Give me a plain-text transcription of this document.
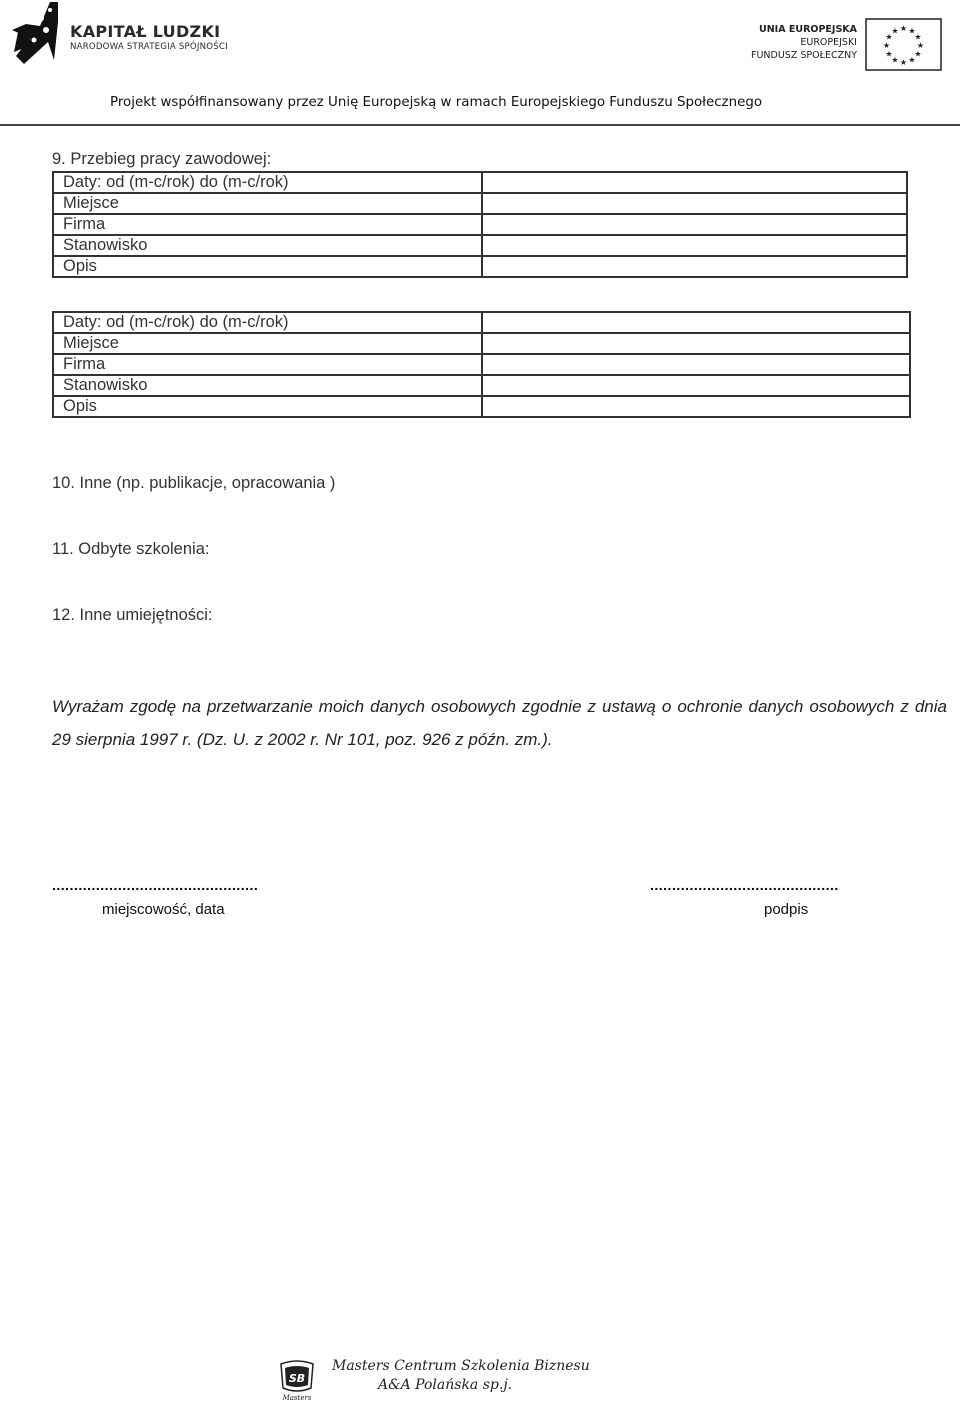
KAPITAŁ LUDZKI
NARODOWA STRATEGIA SPÓJNOŚCI
UNIA EUROPEJSKA
EUROPEJSKI
FUNDUSZ SPOŁECZNY
★ ★
★
★
★
★
★
★
★
★
★
★
Projekt współfinansowany przez Unię Europejską w ramach Europejskiego Funduszu Społecznego
9. Przebieg pracy zawodowej:
Daty: od (m-c/rok) do (m-c/rok)	
Miejsce	
Firma	
Stanowisko	
Opis	
Daty: od (m-c/rok) do (m-c/rok)	
Miejsce	
Firma	
Stanowisko	
Opis	
10. Inne (np. publikacje, opracowania )
11. Odbyte szkolenia:
12. Inne umiejętności:
Wyrażam zgodę na przetwarzanie moich danych osobowych zgodnie z ustawą o ochronie danych osobowych z dnia 29 sierpnia 1997 r. (Dz. U. z 2002 r. Nr 101, poz. 926 z późn. zm.).
...............................................	...........................................
miejscowość, data	podpis
SB
Masters
Masters Centrum Szkolenia Biznesu
A&A Polańska sp.j.
